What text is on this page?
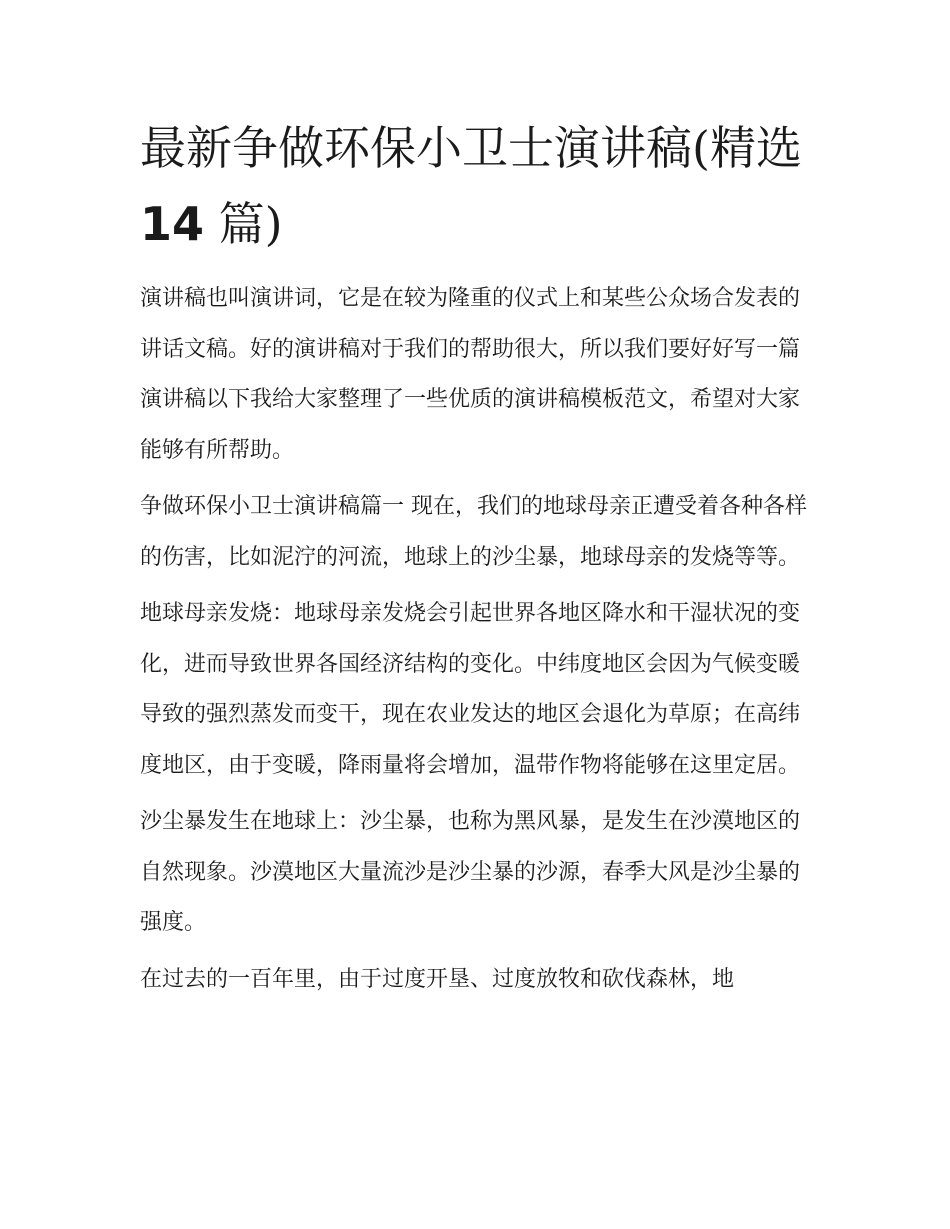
最新争做环保小卫士演讲稿(精选 14 篇)

演讲稿也叫演讲词，它是在较为隆重的仪式上和某些公众场合发表的讲话文稿。好的演讲稿对于我们的帮助很大，所以我们要好好写一篇演讲稿以下我给大家整理了一些优质的演讲稿模板范文，希望对大家能够有所帮助。

争做环保小卫士演讲稿篇一 现在，我们的地球母亲正遭受着各种各样的伤害，比如泥泞的河流，地球上的沙尘暴，地球母亲的发烧等等。

地球母亲发烧：地球母亲发烧会引起世界各地区降水和干湿状况的变化，进而导致世界各国经济结构的变化。中纬度地区会因为气候变暖导致的强烈蒸发而变干，现在农业发达的地区会退化为草原；在高纬度地区，由于变暖，降雨量将会增加，温带作物将能够在这里定居。

沙尘暴发生在地球上：沙尘暴，也称为黑风暴，是发生在沙漠地区的自然现象。沙漠地区大量流沙是沙尘暴的沙源，春季大风是沙尘暴的强度。

在过去的一百年里，由于过度开垦、过度放牧和砍伐森林，地
